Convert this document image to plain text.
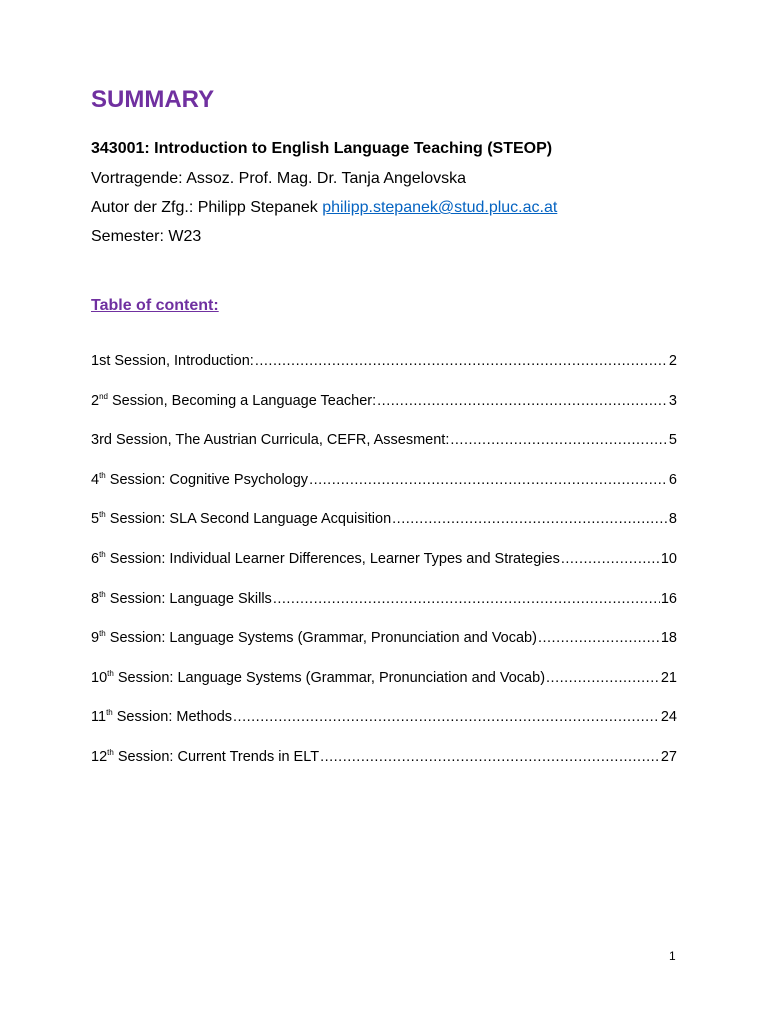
SUMMARY

343001: Introduction to English Language Teaching (STEOP)

Vortragende: Assoz. Prof. Mag. Dr. Tanja Angelovska

Autor der Zfg.: Philipp Stepanek philipp.stepanek@stud.pluc.ac.at

Semester: W23

Table of content:

1st Session, Introduction: .....	2
2nd Session, Becoming a Language Teacher: .....	3
3rd Session, The Austrian Curricula, CEFR, Assesment: .....	5
4th Session: Cognitive Psychology .....	6
5th Session: SLA Second Language Acquisition .....	8
6th Session: Individual Learner Differences, Learner Types and Strategies .....	10
8th Session: Language Skills .....	16
9th Session: Language Systems (Grammar, Pronunciation and Vocab) .....	18
10th Session: Language Systems (Grammar, Pronunciation and Vocab) .....	21
11th Session: Methods .....	24
12th Session: Current Trends in ELT .....	27
1
